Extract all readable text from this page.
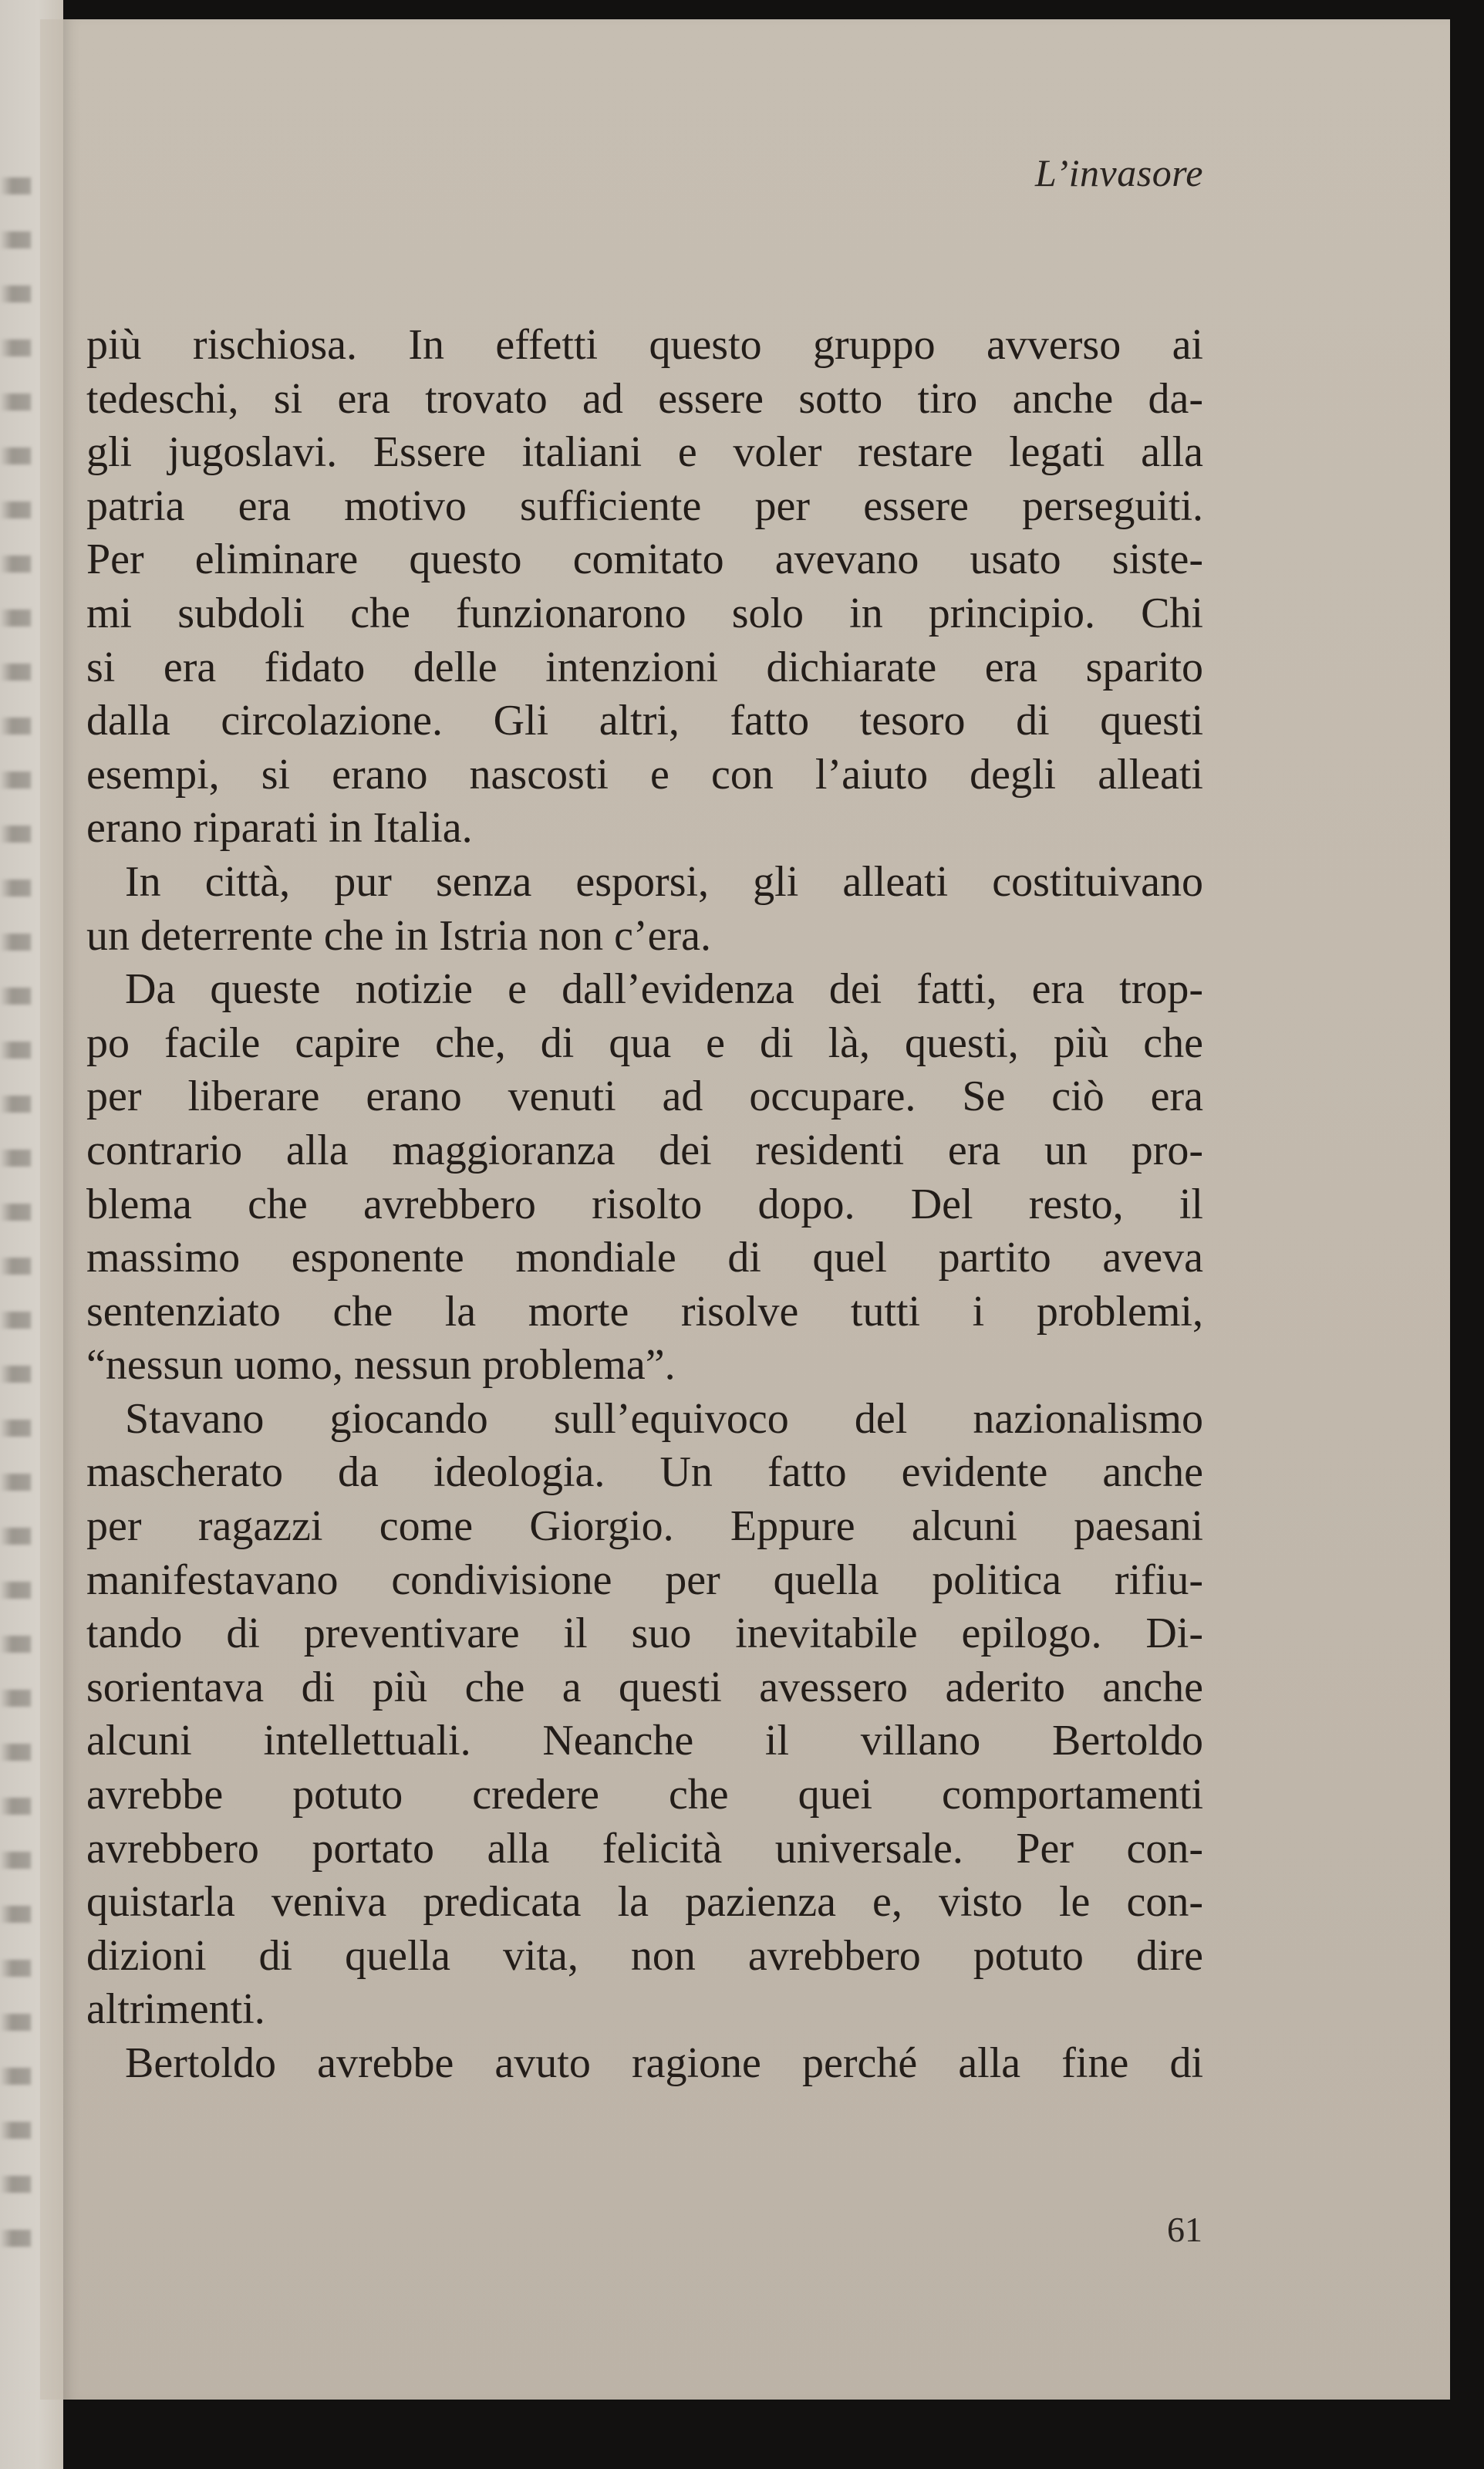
L’invasore
più rischiosa. In effetti questo gruppo avverso ai
tedeschi, si era trovato ad essere sotto tiro anche da-
gli jugoslavi. Essere italiani e voler restare legati alla
patria era motivo sufficiente per essere perseguiti.
Per eliminare questo comitato avevano usato siste-
mi subdoli che funzionarono solo in principio. Chi
si era fidato delle intenzioni dichiarate era sparito
dalla circolazione. Gli altri, fatto tesoro di questi
esempi, si erano nascosti e con l’aiuto degli alleati
erano riparati in Italia.
In città, pur senza esporsi, gli alleati costituivano
un deterrente che in Istria non c’era.
Da queste notizie e dall’evidenza dei fatti, era trop-
po facile capire che, di qua e di là, questi, più che
per liberare erano venuti ad occupare. Se ciò era
contrario alla maggioranza dei residenti era un pro-
blema che avrebbero risolto dopo. Del resto, il
massimo esponente mondiale di quel partito aveva
sentenziato che la morte risolve tutti i problemi,
“nessun uomo, nessun problema”.
Stavano giocando sull’equivoco del nazionalismo
mascherato da ideologia. Un fatto evidente anche
per ragazzi come Giorgio. Eppure alcuni paesani
manifestavano condivisione per quella politica rifiu-
tando di preventivare il suo inevitabile epilogo. Di-
sorientava di più che a questi avessero aderito anche
alcuni intellettuali. Neanche il villano Bertoldo
avrebbe potuto credere che quei comportamenti
avrebbero portato alla felicità universale. Per con-
quistarla veniva predicata la pazienza e, visto le con-
dizioni di quella vita, non avrebbero potuto dire
altrimenti.
Bertoldo avrebbe avuto ragione perché alla fine di
61
